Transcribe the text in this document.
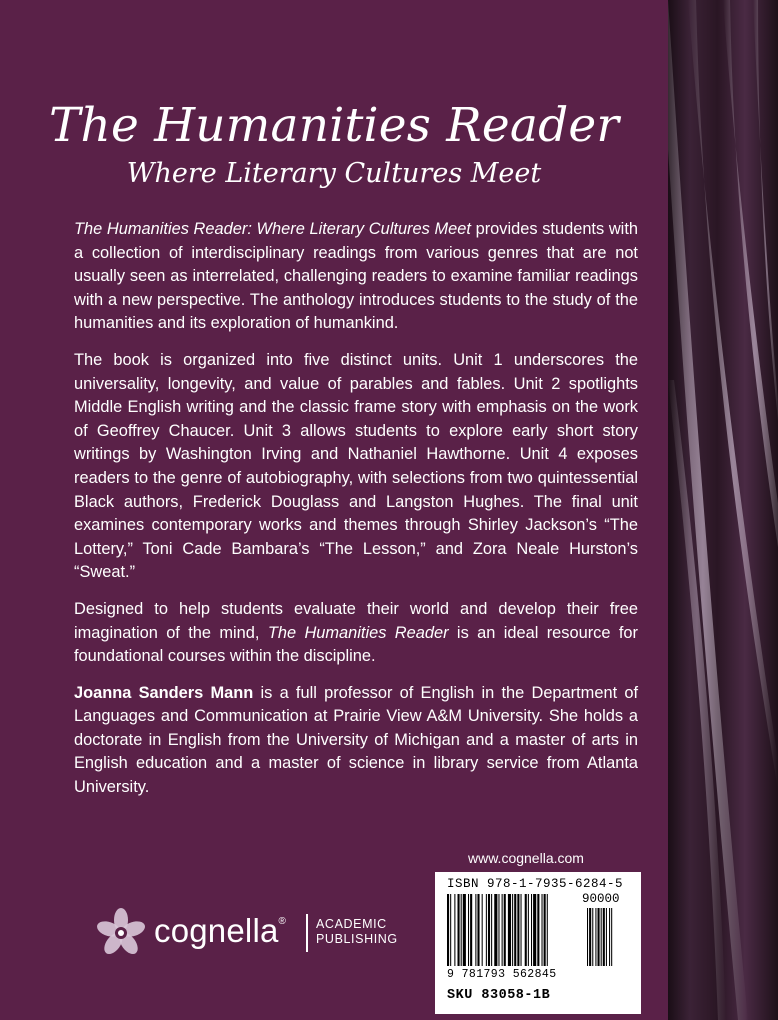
The Humanities Reader
Where Literary Cultures Meet

The Humanities Reader: Where Literary Cultures Meet provides students with a collection of interdisciplinary readings from various genres that are not usually seen as interrelated, challenging readers to examine familiar readings with a new perspective. The anthology introduces students to the study of the humanities and its exploration of humankind.

The book is organized into five distinct units. Unit 1 underscores the universality, longevity, and value of parables and fables. Unit 2 spotlights Middle English writing and the classic frame story with emphasis on the work of Geoffrey Chaucer. Unit 3 allows students to explore early short story writings by Washington Irving and Nathaniel Hawthorne. Unit 4 exposes readers to the genre of autobiography, with selections from two quintessential Black authors, Frederick Douglass and Langston Hughes. The final unit examines contemporary works and themes through Shirley Jackson’s “The Lottery,” Toni Cade Bambara’s “The Lesson,” and Zora Neale Hurston’s “Sweat.”

Designed to help students evaluate their world and develop their free imagination of the mind, The Humanities Reader is an ideal resource for foundational courses within the discipline.

Joanna Sanders Mann is a full professor of English in the Department of Languages and Communication at Prairie View A&M University. She holds a doctorate in English from the University of Michigan and a master of arts in English education and a master of science in library service from Atlanta University.

www.cognella.com
cognella® ACADEMIC
PUBLISHING
ISBN 978-1-7935-6284-5
90000
9 781793 562845
SKU 83058-1B
